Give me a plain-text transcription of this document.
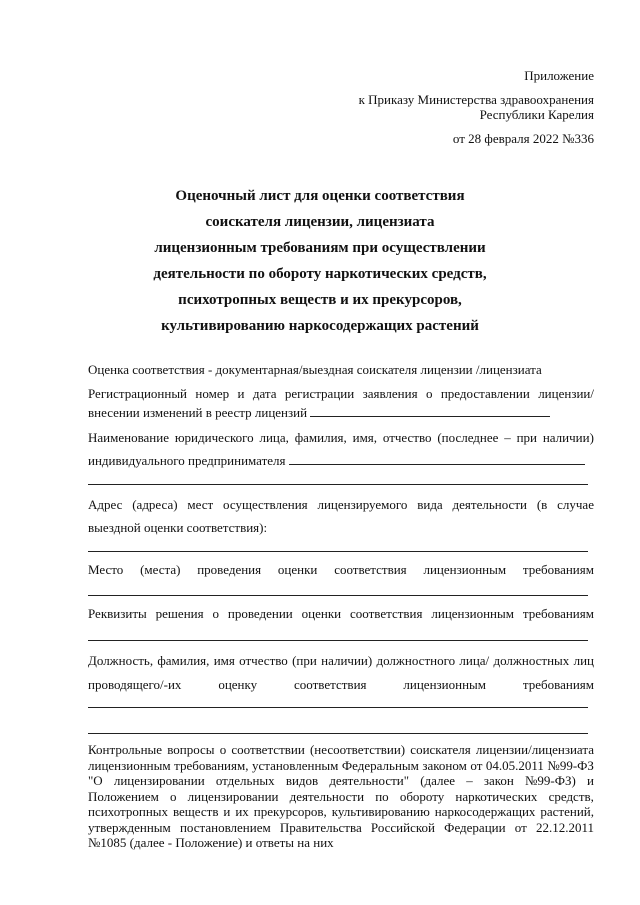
Приложение
к Приказу Министерства здравоохранения
Республики Карелия
от 28 февраля 2022 №336
Оценочный лист для оценки соответствия
соискателя лицензии, лицензиата
лицензионным требованиям при осуществлении
деятельности по обороту наркотических средств,
психотропных веществ и их прекурсоров,
культивированию наркосодержащих растений
Оценка соответствия - документарная/выездная соискателя лицензии /лицензиата
Регистрационный номер и дата регистрации заявления о предоставлении лицензии/
внесении изменений в реестр лицензий
Наименование юридического лица, фамилия, имя, отчество (последнее – при наличии)
индивидуального предпринимателя
Адрес (адреса) мест осуществления лицензируемого вида деятельности (в случае
выездной оценки соответствия):
Место (места) проведения оценки соответствия лицензионным требованиям
Реквизиты решения о проведении оценки соответствия лицензионным требованиям
Должность, фамилия, имя отчество (при наличии) должностного лица/ должностных лиц
проводящего/-их	оценку	соответствия	лицензионным	требованиям
Контрольные вопросы о соответствии (несоответствии) соискателя лицензии/лицензиата
лицензионным требованиям, установленным Федеральным законом от 04.05.2011 №99-ФЗ
"О лицензировании отдельных видов деятельности" (далее – закон №99-ФЗ) и
Положением о лицензировании деятельности по обороту наркотических средств,
психотропных веществ и их прекурсоров, культивированию наркосодержащих растений,
утвержденным постановлением Правительства Российской Федерации от 22.12.2011
№1085 (далее - Положение) и ответы на них
